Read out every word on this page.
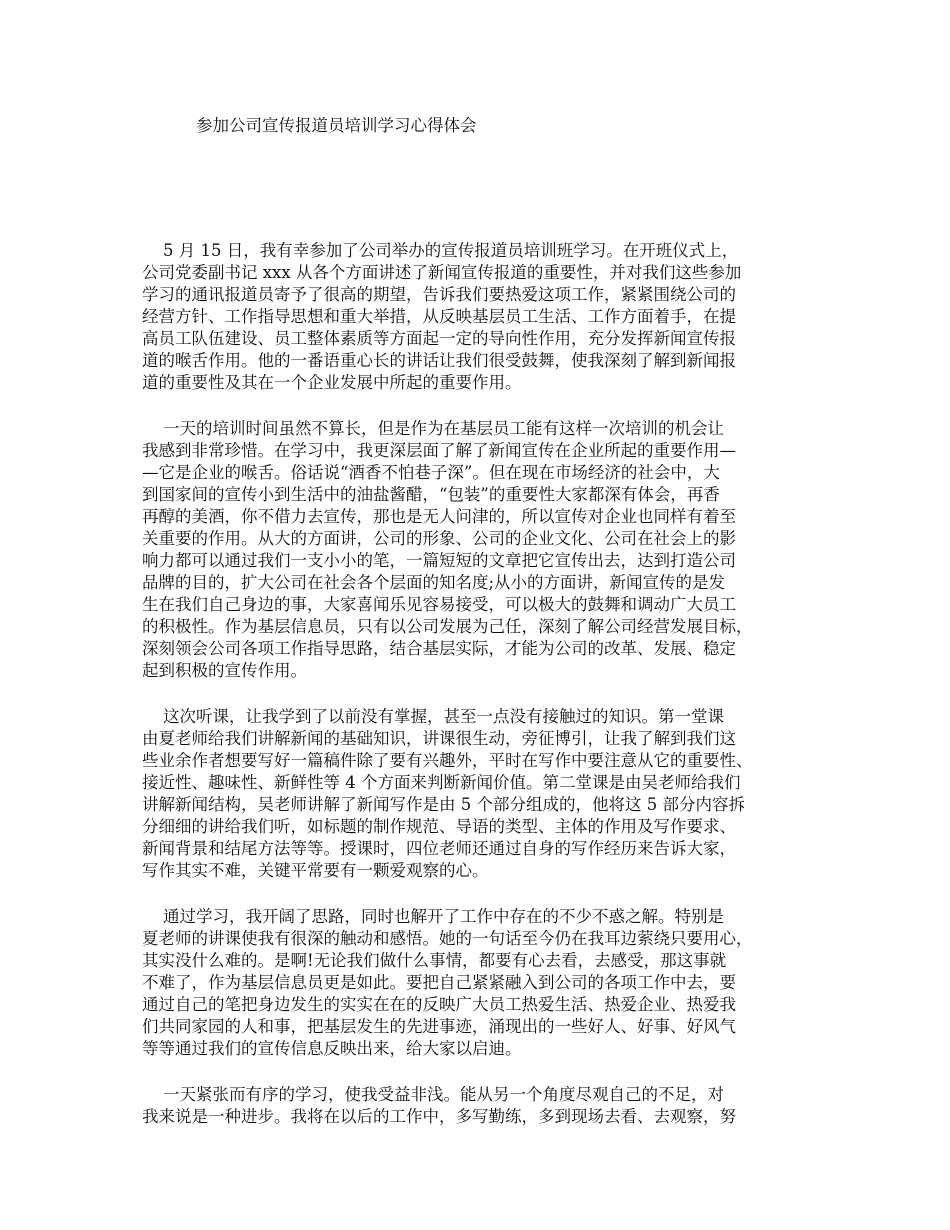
参加公司宣传报道员培训学习心得体会
5 月 15 日，我有幸参加了公司举办的宣传报道员培训班学习。在开班仪式上，
公司党委副书记 xxx 从各个方面讲述了新闻宣传报道的重要性，并对我们这些参加
学习的通讯报道员寄予了很高的期望，告诉我们要热爱这项工作，紧紧围绕公司的
经营方针、工作指导思想和重大举措，从反映基层员工生活、工作方面着手，在提
高员工队伍建设、员工整体素质等方面起一定的导向性作用，充分发挥新闻宣传报
道的喉舌作用。他的一番语重心长的讲话让我们很受鼓舞，使我深刻了解到新闻报
道的重要性及其在一个企业发展中所起的重要作用。
一天的培训时间虽然不算长，但是作为在基层员工能有这样一次培训的机会让
我感到非常珍惜。在学习中，我更深层面了解了新闻宣传在企业所起的重要作用—
—它是企业的喉舌。俗话说“酒香不怕巷子深”。但在现在市场经济的社会中，大
到国家间的宣传小到生活中的油盐酱醋，“包装”的重要性大家都深有体会，再香
再醇的美酒，你不借力去宣传，那也是无人问津的，所以宣传对企业也同样有着至
关重要的作用。从大的方面讲，公司的形象、公司的企业文化、公司在社会上的影
响力都可以通过我们一支小小的笔，一篇短短的文章把它宣传出去，达到打造公司
品牌的目的，扩大公司在社会各个层面的知名度;从小的方面讲，新闻宣传的是发
生在我们自己身边的事，大家喜闻乐见容易接受，可以极大的鼓舞和调动广大员工
的积极性。作为基层信息员，只有以公司发展为己任，深刻了解公司经营发展目标，
深刻领会公司各项工作指导思路，结合基层实际，才能为公司的改革、发展、稳定
起到积极的宣传作用。
这次听课，让我学到了以前没有掌握，甚至一点没有接触过的知识。第一堂课
由夏老师给我们讲解新闻的基础知识，讲课很生动，旁征博引，让我了解到我们这
些业余作者想要写好一篇稿件除了要有兴趣外，平时在写作中要注意从它的重要性、
接近性、趣味性、新鲜性等 4 个方面来判断新闻价值。第二堂课是由吴老师给我们
讲解新闻结构，吴老师讲解了新闻写作是由 5 个部分组成的，他将这 5 部分内容拆
分细细的讲给我们听，如标题的制作规范、导语的类型、主体的作用及写作要求、
新闻背景和结尾方法等等。授课时，四位老师还通过自身的写作经历来告诉大家，
写作其实不难，关键平常要有一颗爱观察的心。
通过学习，我开阔了思路，同时也解开了工作中存在的不少不惑之解。特别是
夏老师的讲课使我有很深的触动和感悟。她的一句话至今仍在我耳边萦绕只要用心，
其实没什么难的。是啊!无论我们做什么事情，都要有心去看，去感受，那这事就
不难了，作为基层信息员更是如此。要把自己紧紧融入到公司的各项工作中去，要
通过自己的笔把身边发生的实实在在的反映广大员工热爱生活、热爱企业、热爱我
们共同家园的人和事，把基层发生的先进事迹，涌现出的一些好人、好事、好风气
等等通过我们的宣传信息反映出来，给大家以启迪。
一天紧张而有序的学习，使我受益非浅。能从另一个角度尽观自己的不足，对
我来说是一种进步。我将在以后的工作中，多写勤练，多到现场去看、去观察，努
